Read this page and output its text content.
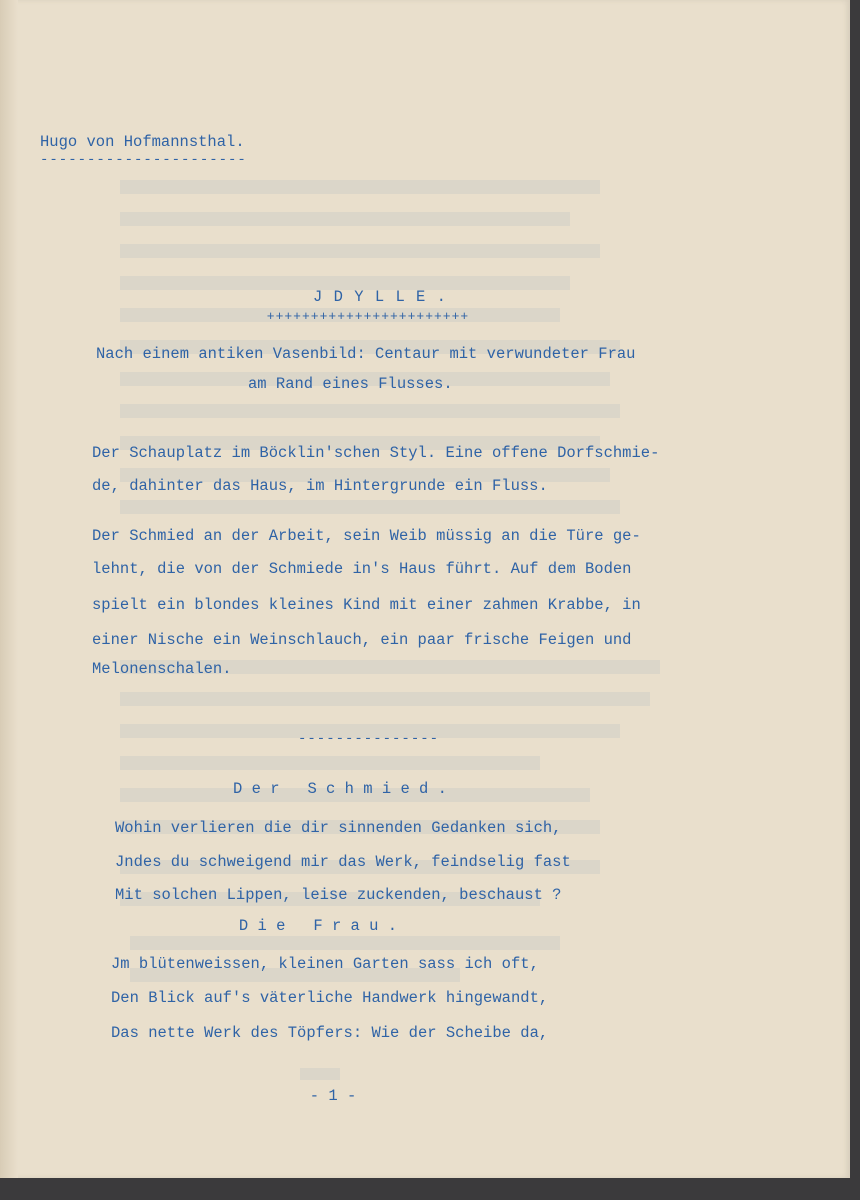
Hugo von Hofmannsthal.
----------------------
J D Y L L E .
+++++++++++++++++++++++
Nach einem antiken Vasenbild: Centaur mit verwundeter Frau
am Rand eines Flusses.
Der Schauplatz im Böcklin'schen Styl. Eine offene Dorfschmie-
de, dahinter das Haus, im Hintergrunde ein Fluss.
Der Schmied an der Arbeit, sein Weib müssig an die Türe ge-
lehnt, die von der Schmiede in's Haus führt. Auf dem Boden
spielt ein blondes kleines Kind mit einer zahmen Krabbe, in
einer Nische ein Weinschlauch, ein paar frische Feigen und
Melonenschalen.
---------------
D e r   S c h m i e d .
Wohin verlieren die dir sinnenden Gedanken sich,
Jndes du schweigend mir das Werk, feindselig fast
Mit solchen Lippen, leise zuckenden, beschaust ?
D i e   F r a u .
Jm blütenweissen, kleinen Garten sass ich oft,
Den Blick auf's väterliche Handwerk hingewandt,
Das nette Werk des Töpfers: Wie der Scheibe da,
- 1 -
